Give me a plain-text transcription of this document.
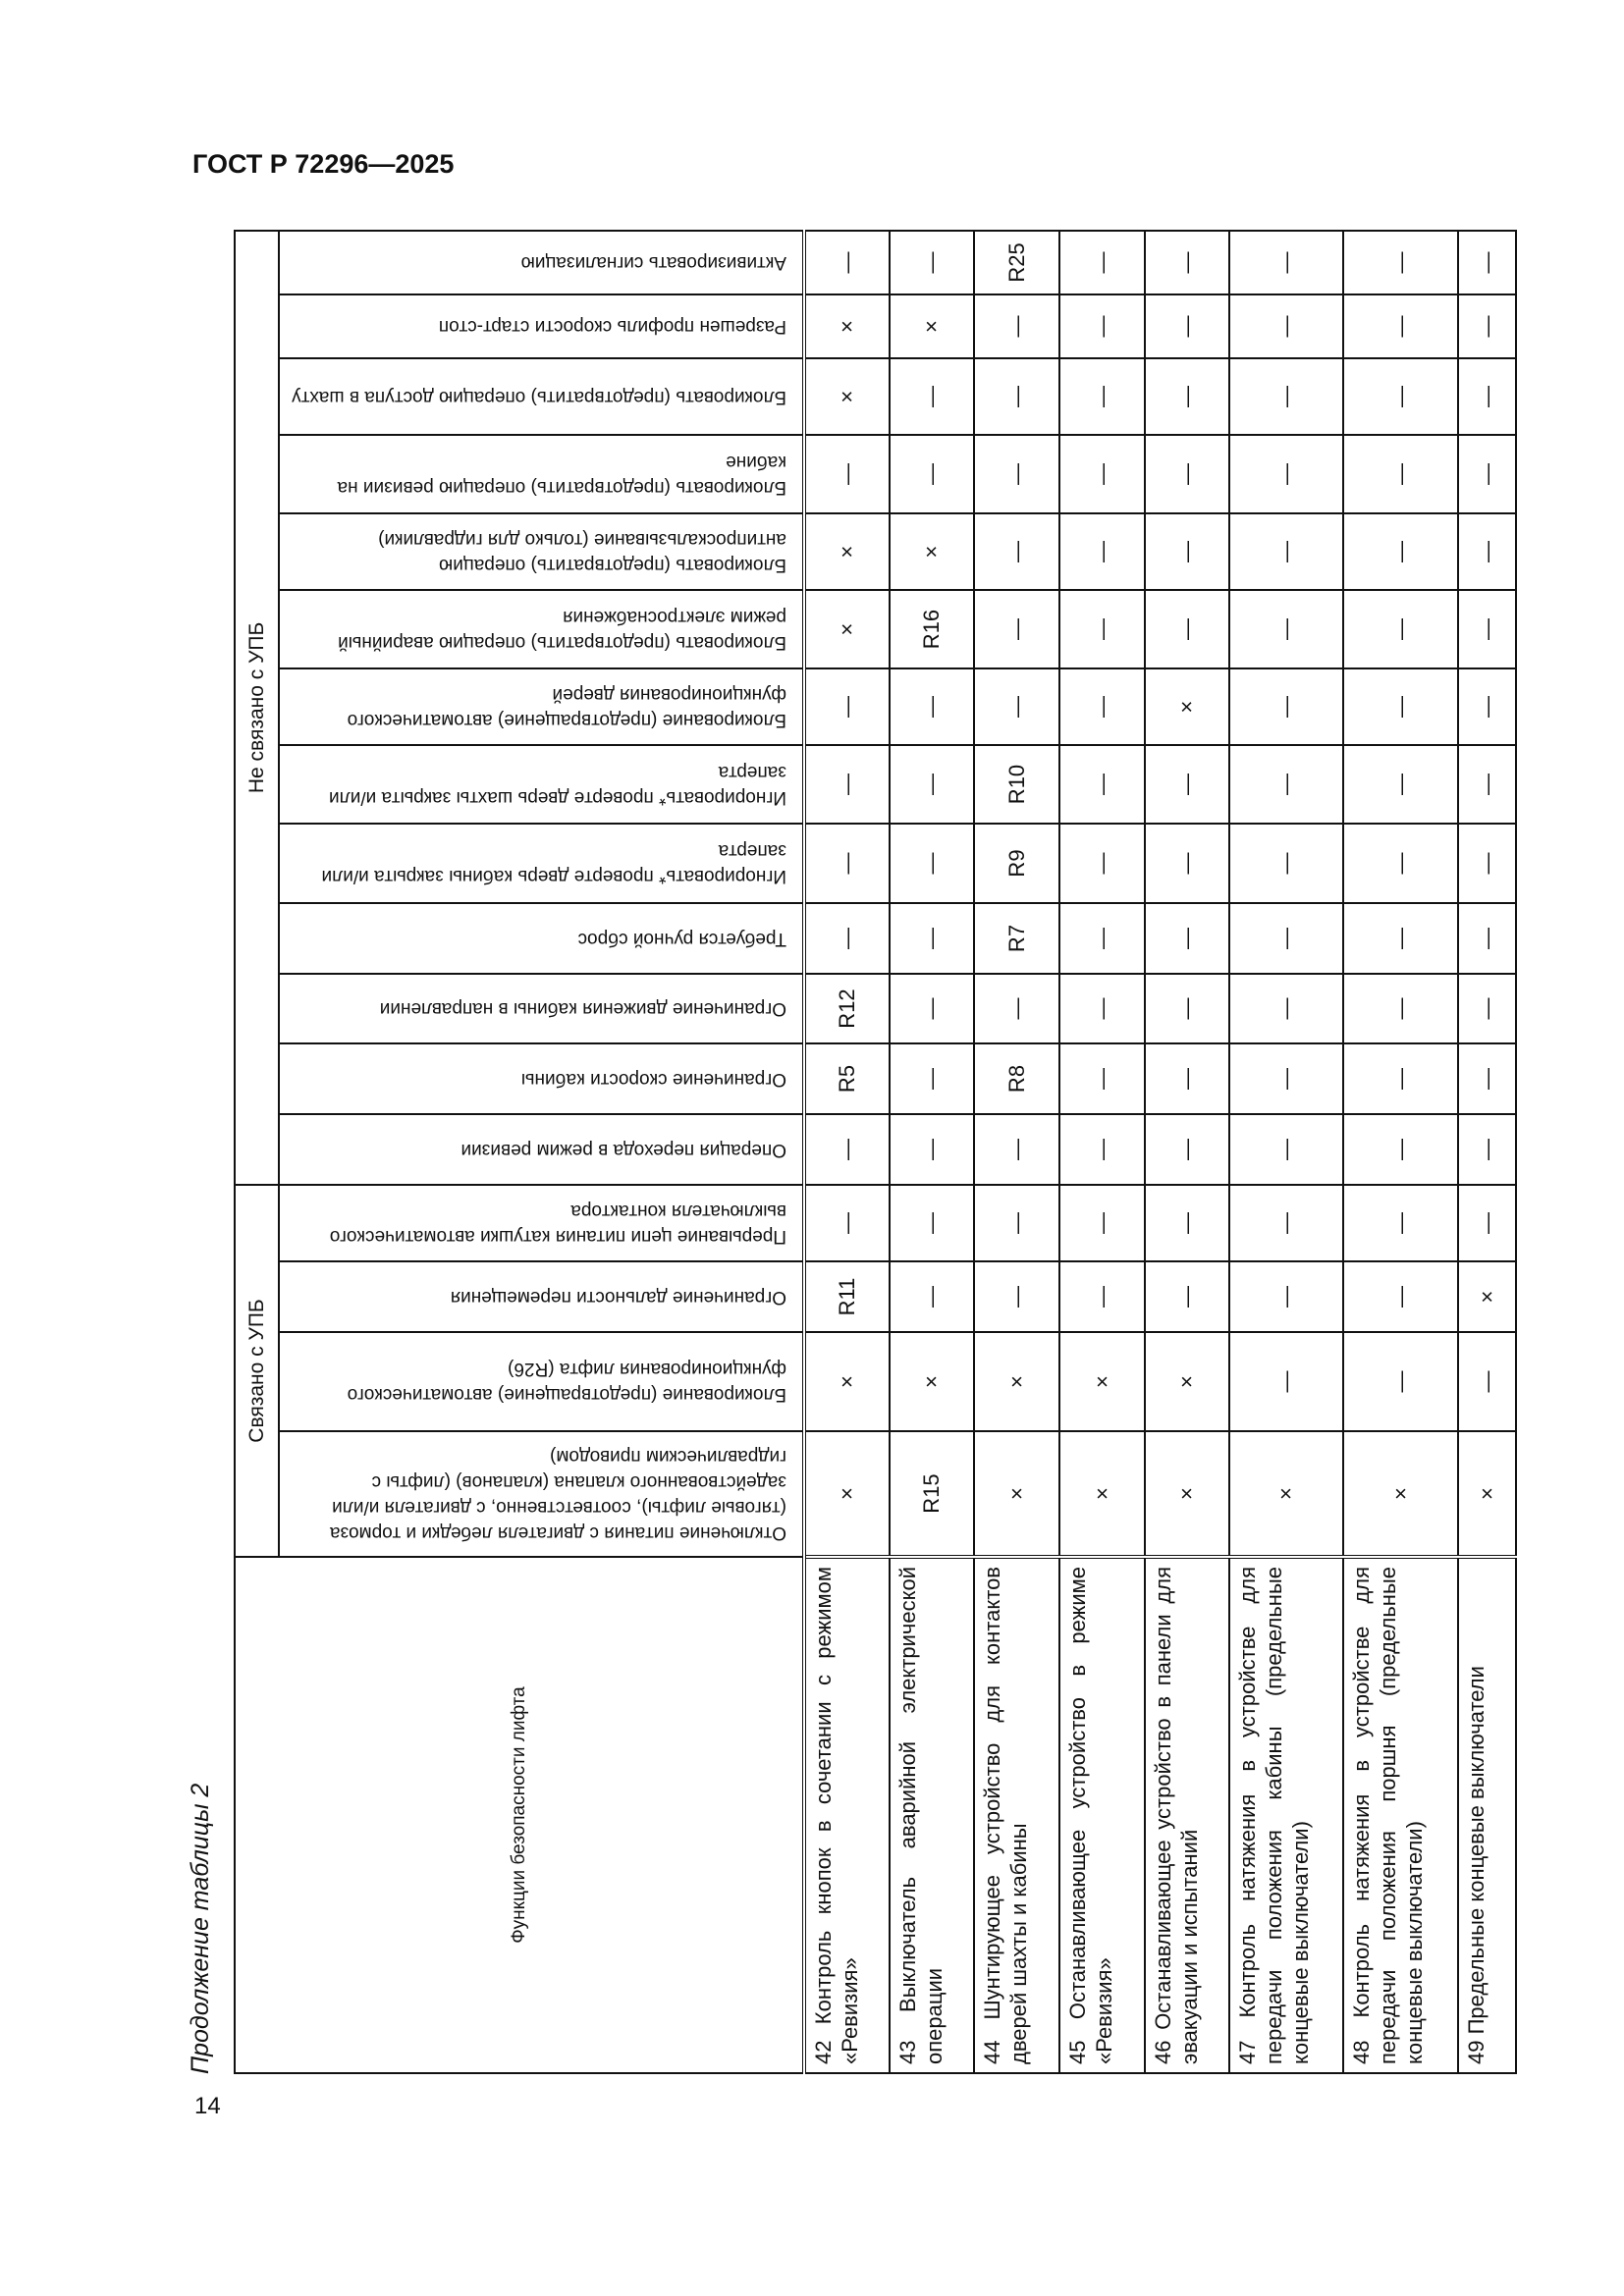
ГОСТ Р 72296—2025
Продолжение таблицы 2
14
Функции безопасности лифта	Связано с УПБ				Не связано с УПБ												
	Отключение питания с двигателя лебедки и тормоза (тяговые лифты), соответственно, с двигателя и/или задействованного клапана (клапанов) (лифты с гидравлическим приводом)	Блокирование (предотвращение) автоматического функционирования лифта (R26)	Ограничение дальности перемещения	Прерывание цепи питания катушки автоматического выключателя контактора	Операция перехода в режим ревизии	Ограничение скорости кабины	Ограничение движения кабины в направлении	Требуется ручной сброс	Игнорировать* проверте дверь кабины закрыта и/или заперта	Игнорировать* проверте дверь шахты закрыта и/или заперта	Блокирование (предотвращение) автоматического функционирования дверей	Блокировать (предотвратить) операцию аварийный режим электроснабжения	Блокировать (предотвратить) операцию антипроскальзывание (только для гидравлики)	Блокировать (предотвратить) операцию ревизии на кабине	Блокировать (предотвратить) операцию доступа в шахту	Разрешен профиль скорости старт-стоп	Активизировать сигнализацию
42 Контроль кнопок в сочетании с режимом «Ревизия»	×	×	R11	—	—	R5	R12	—	—	—	—	×	×	—	×	×	—
43 Выключатель аварийной электрической операции	R15	×	—	—	—	—	—	—	—	—	—	R16	×	—	—	×	—
44 Шунтирующее устройство для контактов дверей шахты и кабины	×	×	—	—	—	R8	—	R7	R9	R10	—	—	—	—	—	—	R25
45 Останавливающее устройство в режиме «Ревизия»	×	×	—	—	—	—	—	—	—	—	—	—	—	—	—	—	—
46 Останавливающее устройство в панели для эвакуации и испытаний	×	×	—	—	—	—	—	—	—	—	×	—	—	—	—	—	—
47 Контроль натяжения в устройстве для передачи положения кабины (предельные концевые выключатели)	×	—	—	—	—	—	—	—	—	—	—	—	—	—	—	—	—
48 Контроль натяжения в устройстве для передачи положения поршня (предельные концевые выключатели)	×	—	—	—	—	—	—	—	—	—	—	—	—	—	—	—	—
49 Предельные концевые выключатели	×	—	×	—	—	—	—	—	—	—	—	—	—	—	—	—	—
